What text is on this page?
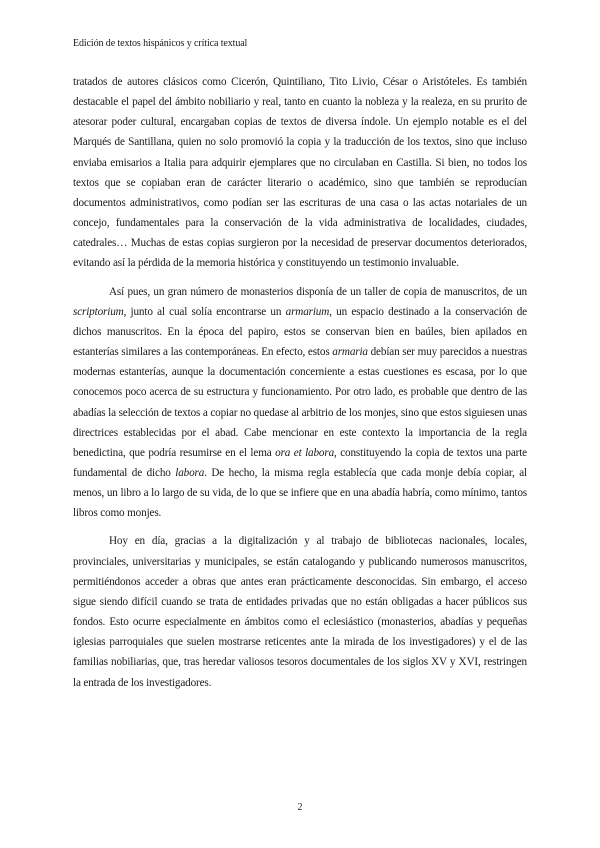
Edición de textos hispánicos y crítica textual

tratados de autores clásicos como Cicerón, Quintiliano, Tito Livio, César o Aristóteles. Es también destacable el papel del ámbito nobiliario y real, tanto en cuanto la nobleza y la realeza, en su prurito de atesorar poder cultural, encargaban copias de textos de diversa índole. Un ejemplo notable es el del Marqués de Santillana, quien no solo promovió la copia y la traducción de los textos, sino que incluso enviaba emisarios a Italia para adquirir ejemplares que no circulaban en Castilla. Si bien, no todos los textos que se copiaban eran de carácter literario o académico, sino que también se reproducían documentos administrativos, como podían ser las escrituras de una casa o las actas notariales de un concejo, fundamentales para la conservación de la vida administrativa de localidades, ciudades, catedrales… Muchas de estas copias surgieron por la necesidad de preservar documentos deteriorados, evitando así la pérdida de la memoria histórica y constituyendo un testimonio invaluable.

Así pues, un gran número de monasterios disponía de un taller de copia de manuscritos, de un scriptorium, junto al cual solía encontrarse un armarium, un espacio destinado a la conservación de dichos manuscritos. En la época del papiro, estos se conservan bien en baúles, bien apilados en estanterías similares a las contemporáneas. En efecto, estos armaria debían ser muy parecidos a nuestras modernas estanterías, aunque la documentación concerniente a estas cuestiones es escasa, por lo que conocemos poco acerca de su estructura y funcionamiento. Por otro lado, es probable que dentro de las abadías la selección de textos a copiar no quedase al arbitrio de los monjes, sino que estos siguiesen unas directrices establecidas por el abad. Cabe mencionar en este contexto la importancia de la regla benedictina, que podría resumirse en el lema ora et labora, constituyendo la copia de textos una parte fundamental de dicho labora. De hecho, la misma regla establecía que cada monje debía copiar, al menos, un libro a lo largo de su vida, de lo que se infiere que en una abadía habría, como mínimo, tantos libros como monjes.

Hoy en día, gracias a la digitalización y al trabajo de bibliotecas nacionales, locales, provinciales, universitarias y municipales, se están catalogando y publicando numerosos manuscritos, permitiéndonos acceder a obras que antes eran prácticamente desconocidas. Sin embargo, el acceso sigue siendo difícil cuando se trata de entidades privadas que no están obligadas a hacer públicos sus fondos. Esto ocurre especialmente en ámbitos como el eclesiástico (monasterios, abadías y pequeñas iglesias parroquiales que suelen mostrarse reticentes ante la mirada de los investigadores) y el de las familias nobiliarias, que, tras heredar valiosos tesoros documentales de los siglos XV y XVI, restringen la entrada de los investigadores.

2
